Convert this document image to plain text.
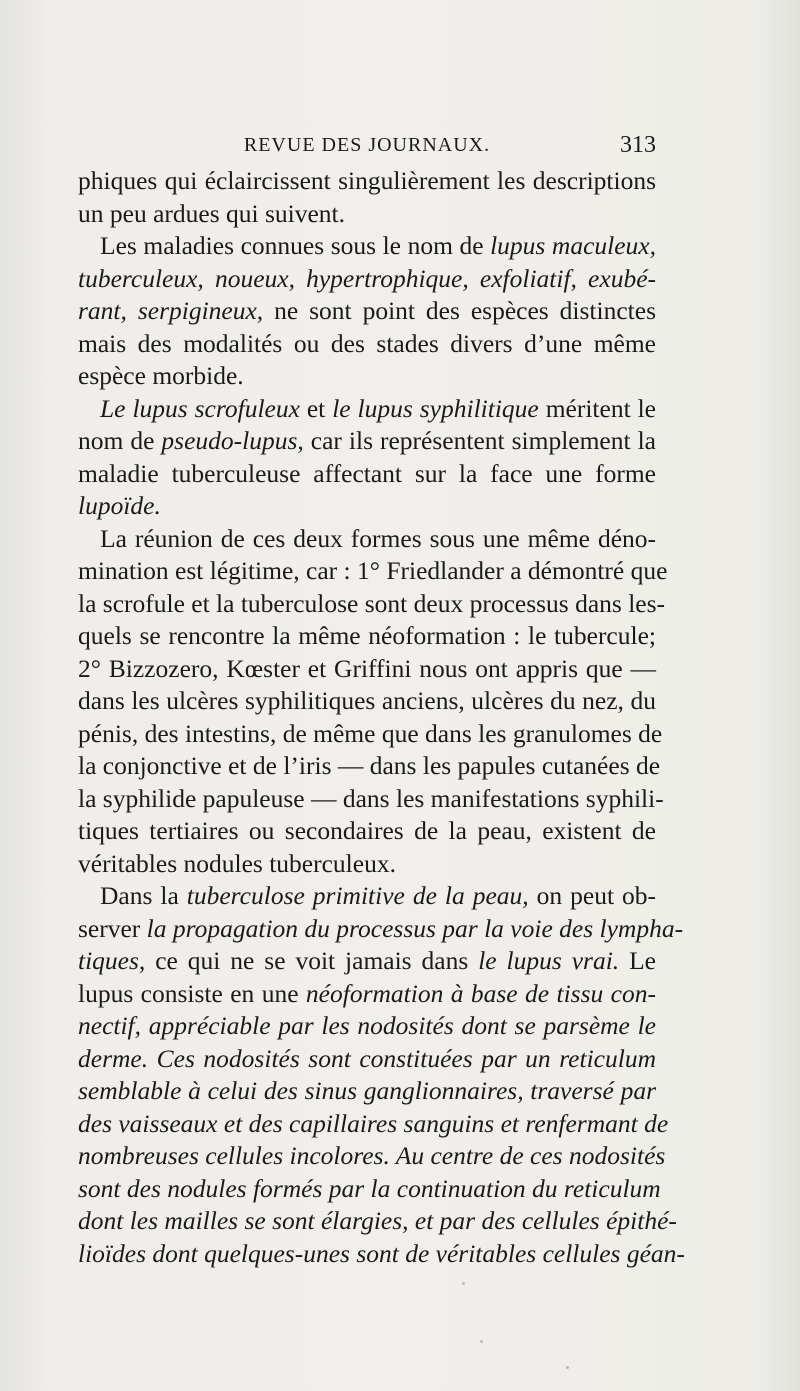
REVUE DES JOURNAUX.	313
phiques qui éclaircissent singulièrement les descriptions
un peu ardues qui suivent.
Les maladies connues sous le nom de lupus maculeux,
tuberculeux, noueux, hypertrophique, exfoliatif, exubé-
rant, serpigineux, ne sont point des espèces distinctes
mais des modalités ou des stades divers d’une même
espèce morbide.
Le lupus scrofuleux et le lupus syphilitique méritent le
nom de pseudo-lupus, car ils représentent simplement la
maladie tuberculeuse affectant sur la face une forme
lupoïde.
La réunion de ces deux formes sous une même déno-
mination est légitime, car : 1° Friedlander a démontré que
la scrofule et la tuberculose sont deux processus dans les-
quels se rencontre la même néoformation : le tubercule;
2° Bizzozero, Kœster et Griffini nous ont appris que —
dans les ulcères syphilitiques anciens, ulcères du nez, du
pénis, des intestins, de même que dans les granulomes de
la conjonctive et de l’iris — dans les papules cutanées de
la syphilide papuleuse — dans les manifestations syphili-
tiques tertiaires ou secondaires de la peau, existent de
véritables nodules tuberculeux.
Dans la tuberculose primitive de la peau, on peut ob-
server la propagation du processus par la voie des lympha-
tiques, ce qui ne se voit jamais dans le lupus vrai. Le
lupus consiste en une néoformation à base de tissu con-
nectif, appréciable par les nodosités dont se parsème le
derme. Ces nodosités sont constituées par un reticulum
semblable à celui des sinus ganglionnaires, traversé par
des vaisseaux et des capillaires sanguins et renfermant de
nombreuses cellules incolores. Au centre de ces nodosités
sont des nodules formés par la continuation du reticulum
dont les mailles se sont élargies, et par des cellules épithé-
lioïdes dont quelques-unes sont de véritables cellules géan-
